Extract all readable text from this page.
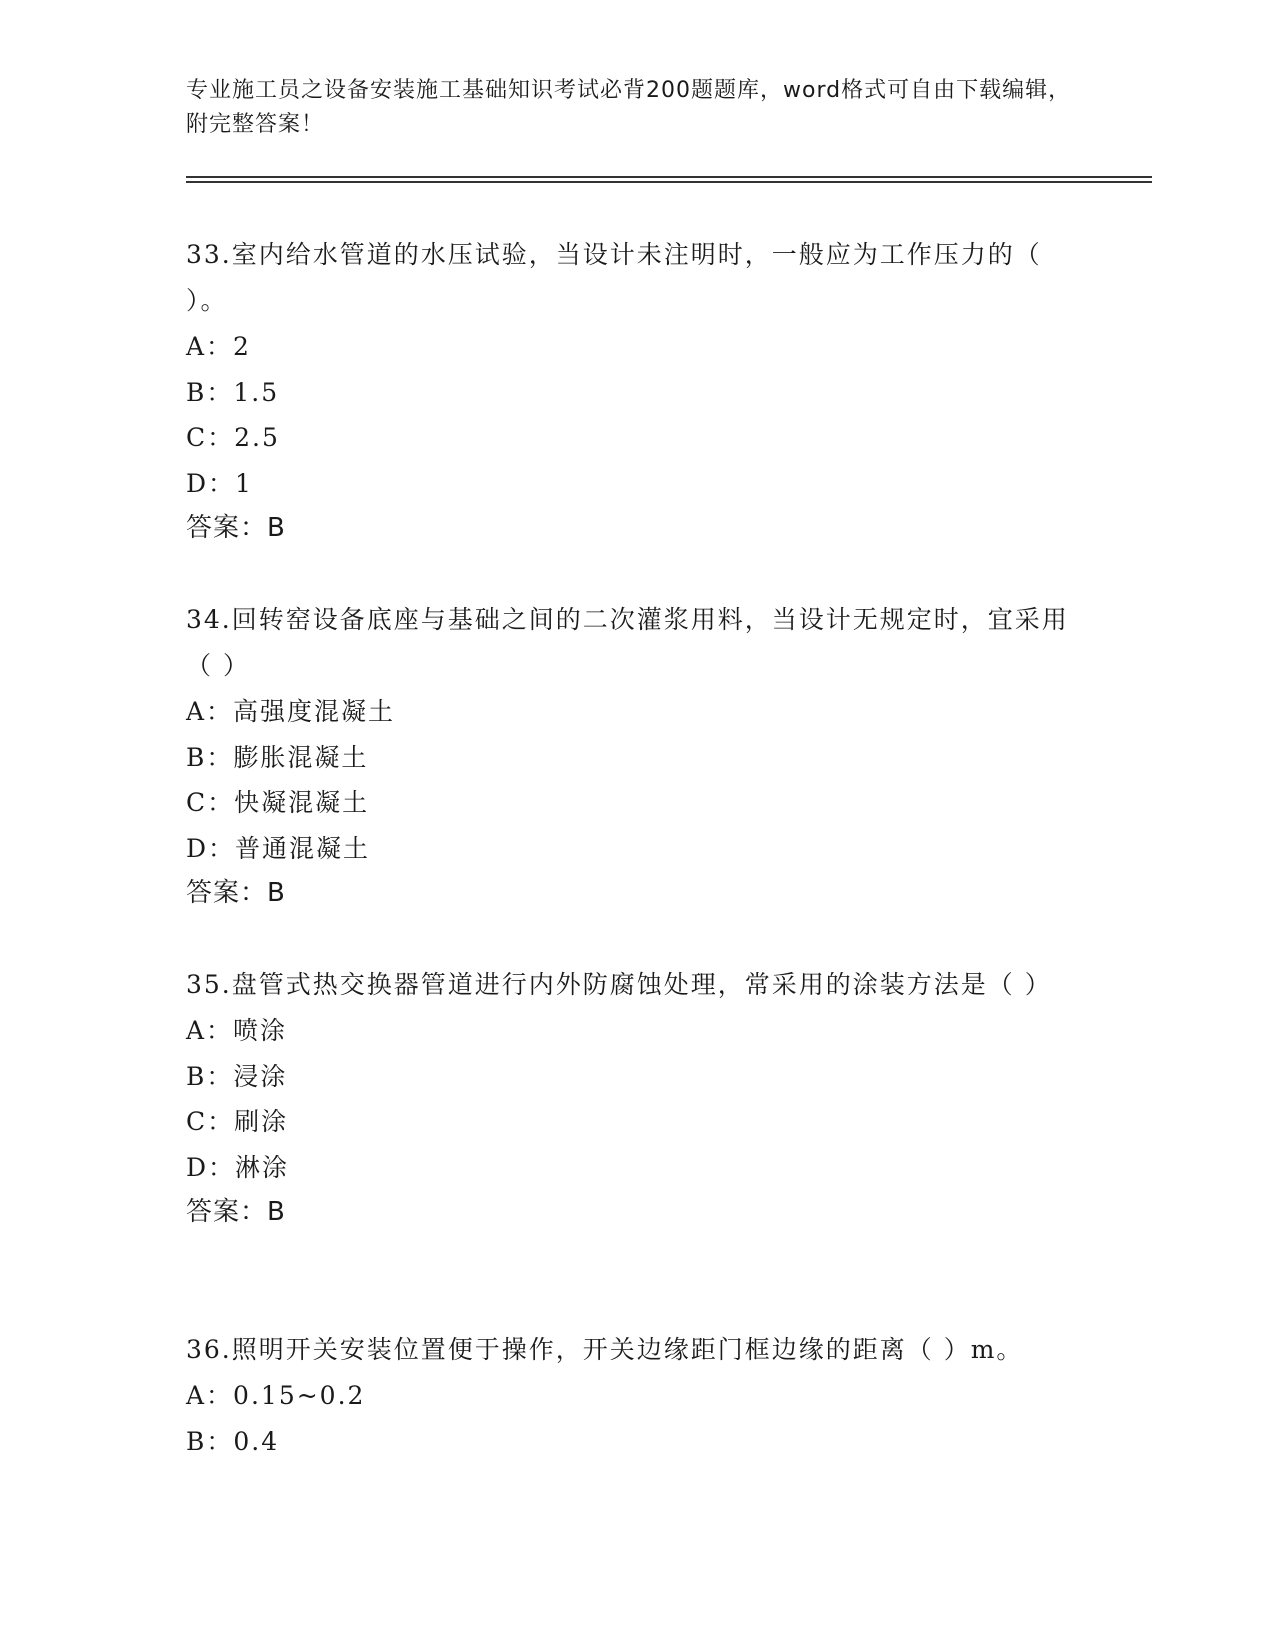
专业施工员之设备安装施工基础知识考试必背200题题库，word格式可自由下载编辑，附完整答案！

33.室内给水管道的水压试验，当设计未注明时，一般应为工作压力的（ ）。

A：2

B：1.5

C：2.5

D：1

答案：B

34.回转窑设备底座与基础之间的二次灌浆用料，当设计无规定时，宜采用（ ）

A：高强度混凝土

B：膨胀混凝土

C：快凝混凝土

D：普通混凝土

答案：B

35.盘管式热交换器管道进行内外防腐蚀处理，常采用的涂装方法是（ ）

A：喷涂

B：浸涂

C：刷涂

D：淋涂

答案：B

36.照明开关安装位置便于操作，开关边缘距门框边缘的距离（ ）m。

A：0.15~0.2

B：0.4
